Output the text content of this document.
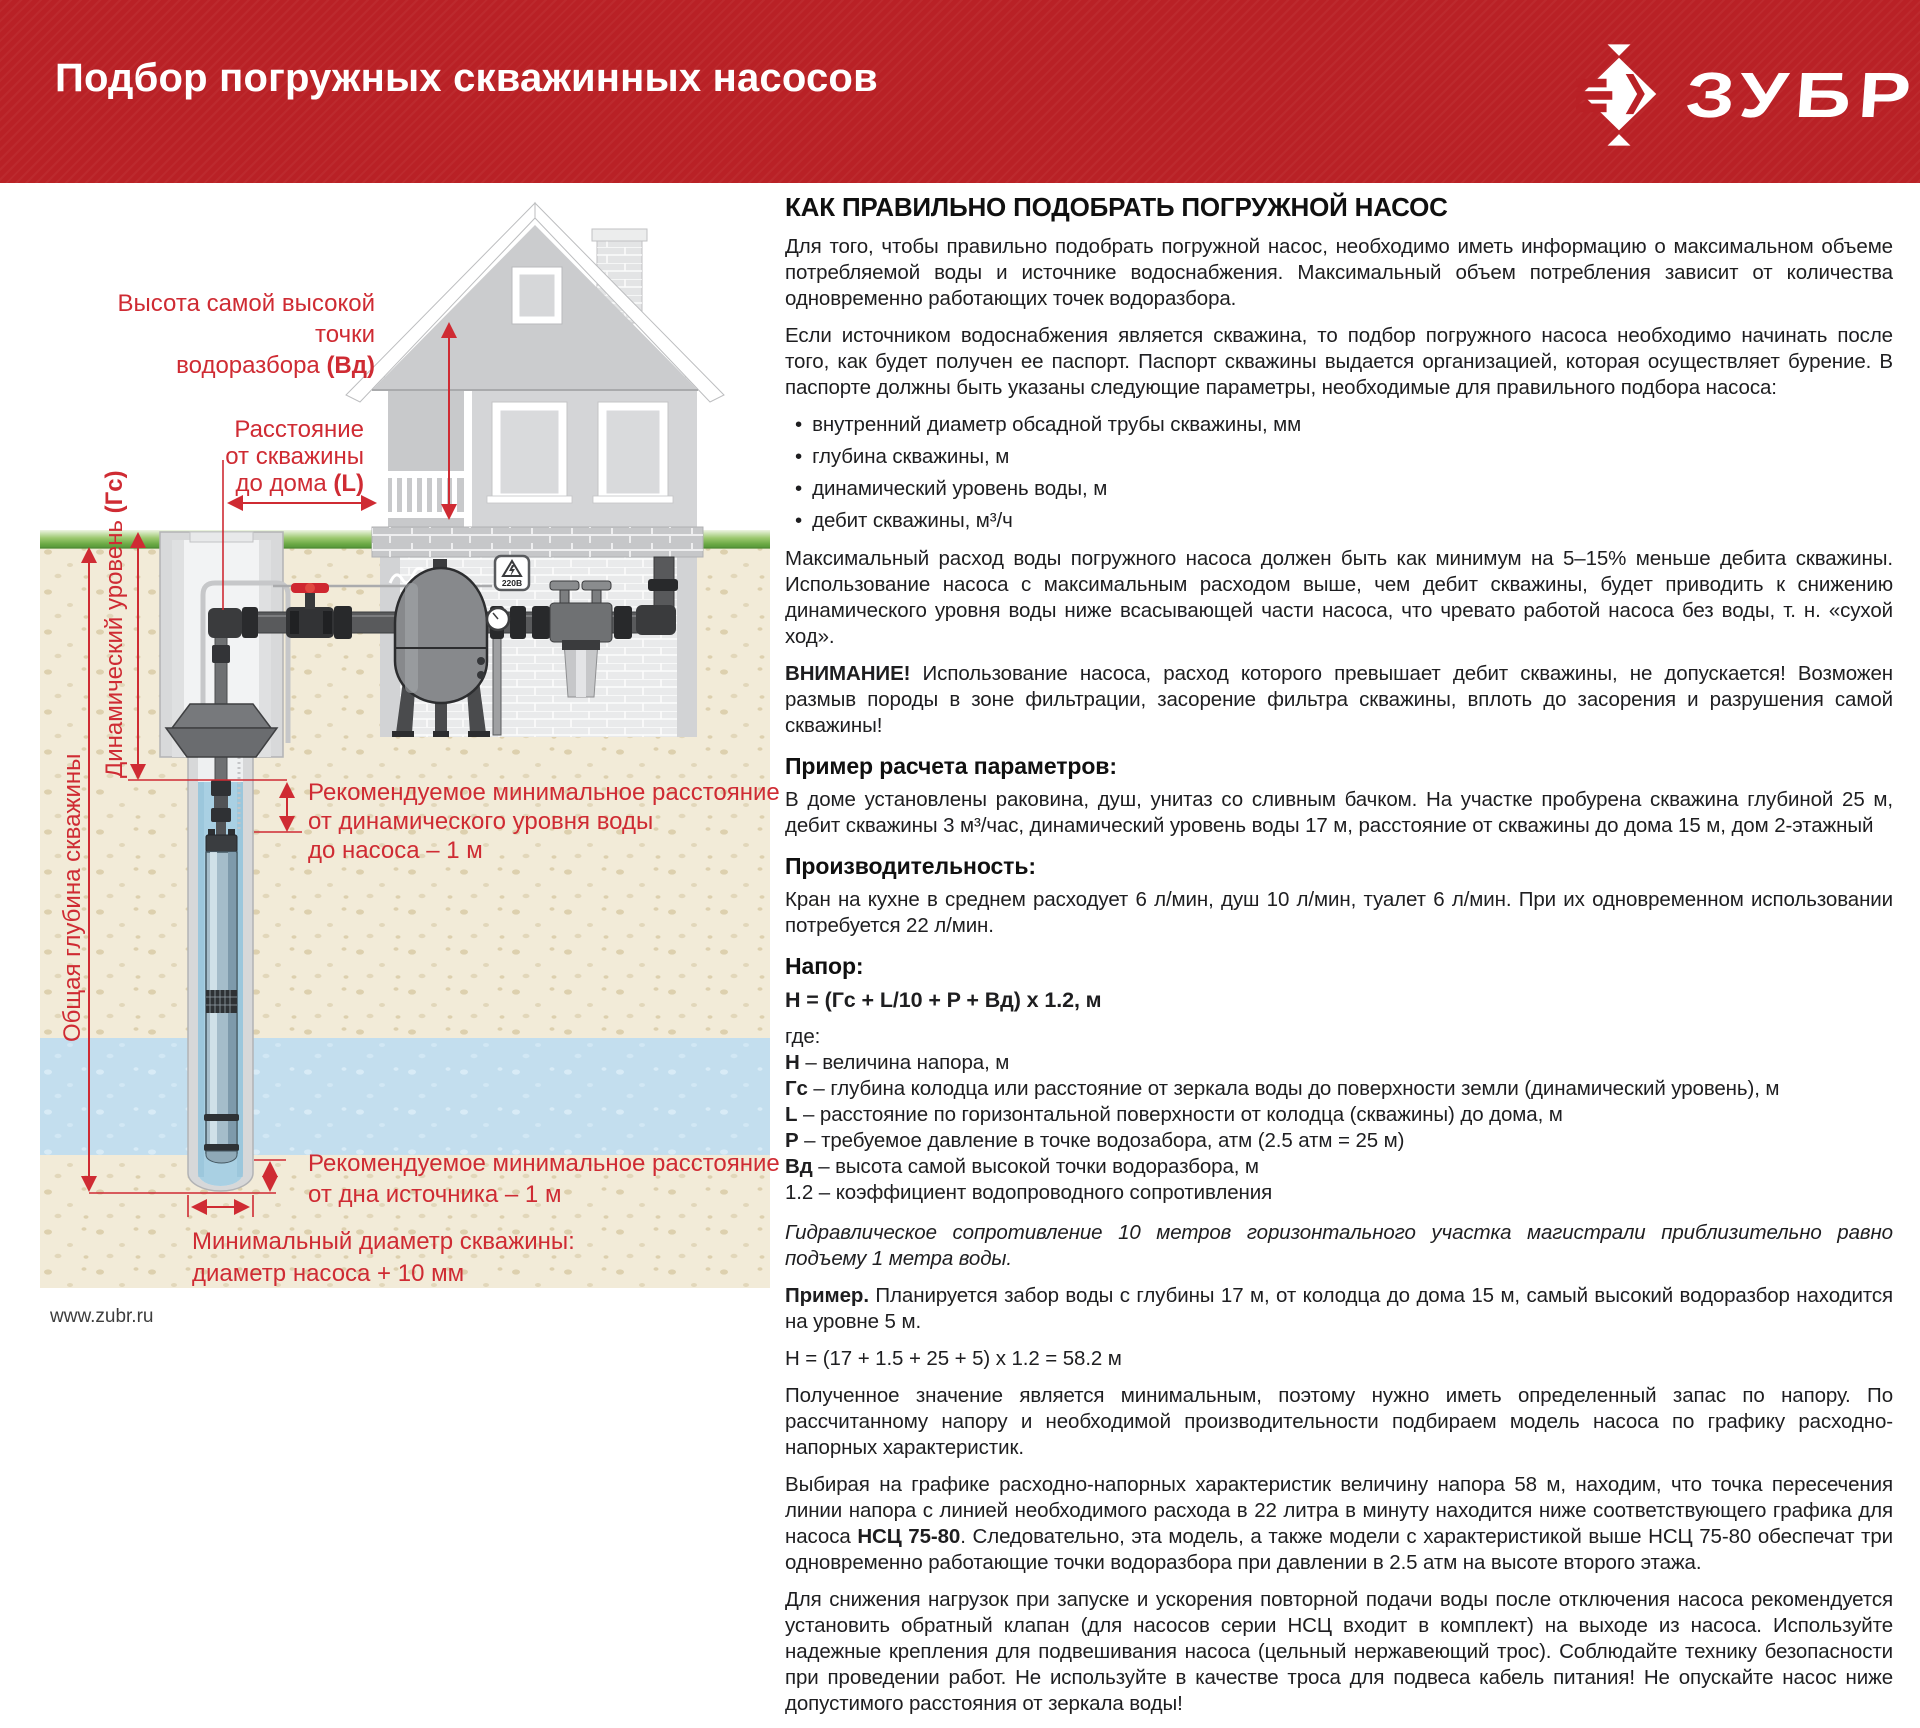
Подбор погружных скважинных насосов	ЗУБР
220В
Высота самой высокой точки
водоразбора (Вд)
Расстояние
от скважины
до дома (L)
Динамический уровень (Гс)
Общая глубина скважины	Рекомендуемое минимальное расстояние
от динамического уровня воды
до насоса – 1 м
Рекомендуемое минимальное расстояние
от дна источника – 1 м
Минимальный диаметр скважины:
диаметр насоса + 10 мм
КАК ПРАВИЛЬНО ПОДОБРАТЬ ПОГРУЖНОЙ НАСОС

Для того, чтобы правильно подобрать погружной насос, необходимо иметь информацию о максимальном объеме потребляемой воды и источнике водоснабжения. Максимальный объем потребления зависит от количества одновременно работающих точек водоразбора.

Если источником водоснабжения является скважина, то подбор погружного насоса необходимо начинать после того, как будет получен ее паспорт. Паспорт скважины выдается организацией, которая осуществляет бурение. В паспорте должны быть указаны следующие параметры, необходимые для правильного подбора насоса:

• внутренний диаметр обсадной трубы скважины, мм
• глубина скважины, м
• динамический уровень воды, м
• дебит скважины, м³/ч

Максимальный расход воды погружного насоса должен быть как минимум на 5–15% меньше дебита скважины. Использование насоса с максимальным расходом выше, чем дебит скважины, будет приводить к снижению динамического уровня воды ниже всасывающей части насоса, что чревато работой насоса без воды, т. н. «сухой ход».

ВНИМАНИЕ! Использование насоса, расход которого превышает дебит скважины, не допускается! Возможен размыв породы в зоне фильтрации, засорение фильтра скважины, вплоть до засорения и разрушения самой скважины!

Пример расчета параметров:

В доме установлены раковина, душ, унитаз со сливным бачком. На участке пробурена скважина глубиной 25 м, дебит скважины 3 м³/час, динамический уровень воды 17 м, расстояние от скважины до дома 15 м, дом 2-этажный

Производительность:

Кран на кухне в среднем расходует 6 л/мин, душ 10 л/мин, туалет 6 л/мин. При их одновременном использовании потребуется 22 л/мин.

Напор:

H = (Гс + L/10 + P + Вд) x 1.2, м

где:
H – величина напора, м
Гс – глубина колодца или расстояние от зеркала воды до поверхности земли (динамический уровень), м
L – расстояние по горизонтальной поверхности от колодца (скважины) до дома, м
P – требуемое давление в точке водозабора, атм (2.5 атм = 25 м)
Вд – высота самой высокой точки водоразбора, м
1.2 – коэффициент водопроводного сопротивления

Гидравлическое сопротивление 10 метров горизонтального участка магистрали приблизительно равно подъему 1 метра воды.

Пример. Планируется забор воды с глубины 17 м, от колодца до дома 15 м, самый высокий водоразбор находится на уровне 5 м.

H = (17 + 1.5 + 25 + 5) x 1.2 = 58.2 м

Полученное значение является минимальным, поэтому нужно иметь определенный запас по напору. По рассчитанному напору и необходимой производительности подбираем модель насоса по графику расходно-напорных характеристик.

Выбирая на графике расходно-напорных характеристик величину напора 58 м, находим, что точка пересечения линии напора с линией необходимого расхода в 22 литра в минуту находится ниже соответствующего графика для насоса НСЦ 75-80. Следовательно, эта модель, а также модели с характеристикой выше НСЦ 75-80 обеспечат три одновременно работающие точки водоразбора при давлении в 2.5 атм на высоте второго этажа.

Для снижения нагрузок при запуске и ускорения повторной подачи воды после отключения насоса рекомендуется установить обратный клапан (для насосов серии НСЦ входит в комплект) на выходе из насоса. Используйте надежные крепления для подвешивания насоса (цельный нержавеющий трос). Соблюдайте технику безопасности при проведении работ. Не используйте в качестве троса для подвеса кабель питания! Не опускайте насос ниже допустимого расстояния от зеркала воды!

www.zubr.ru
